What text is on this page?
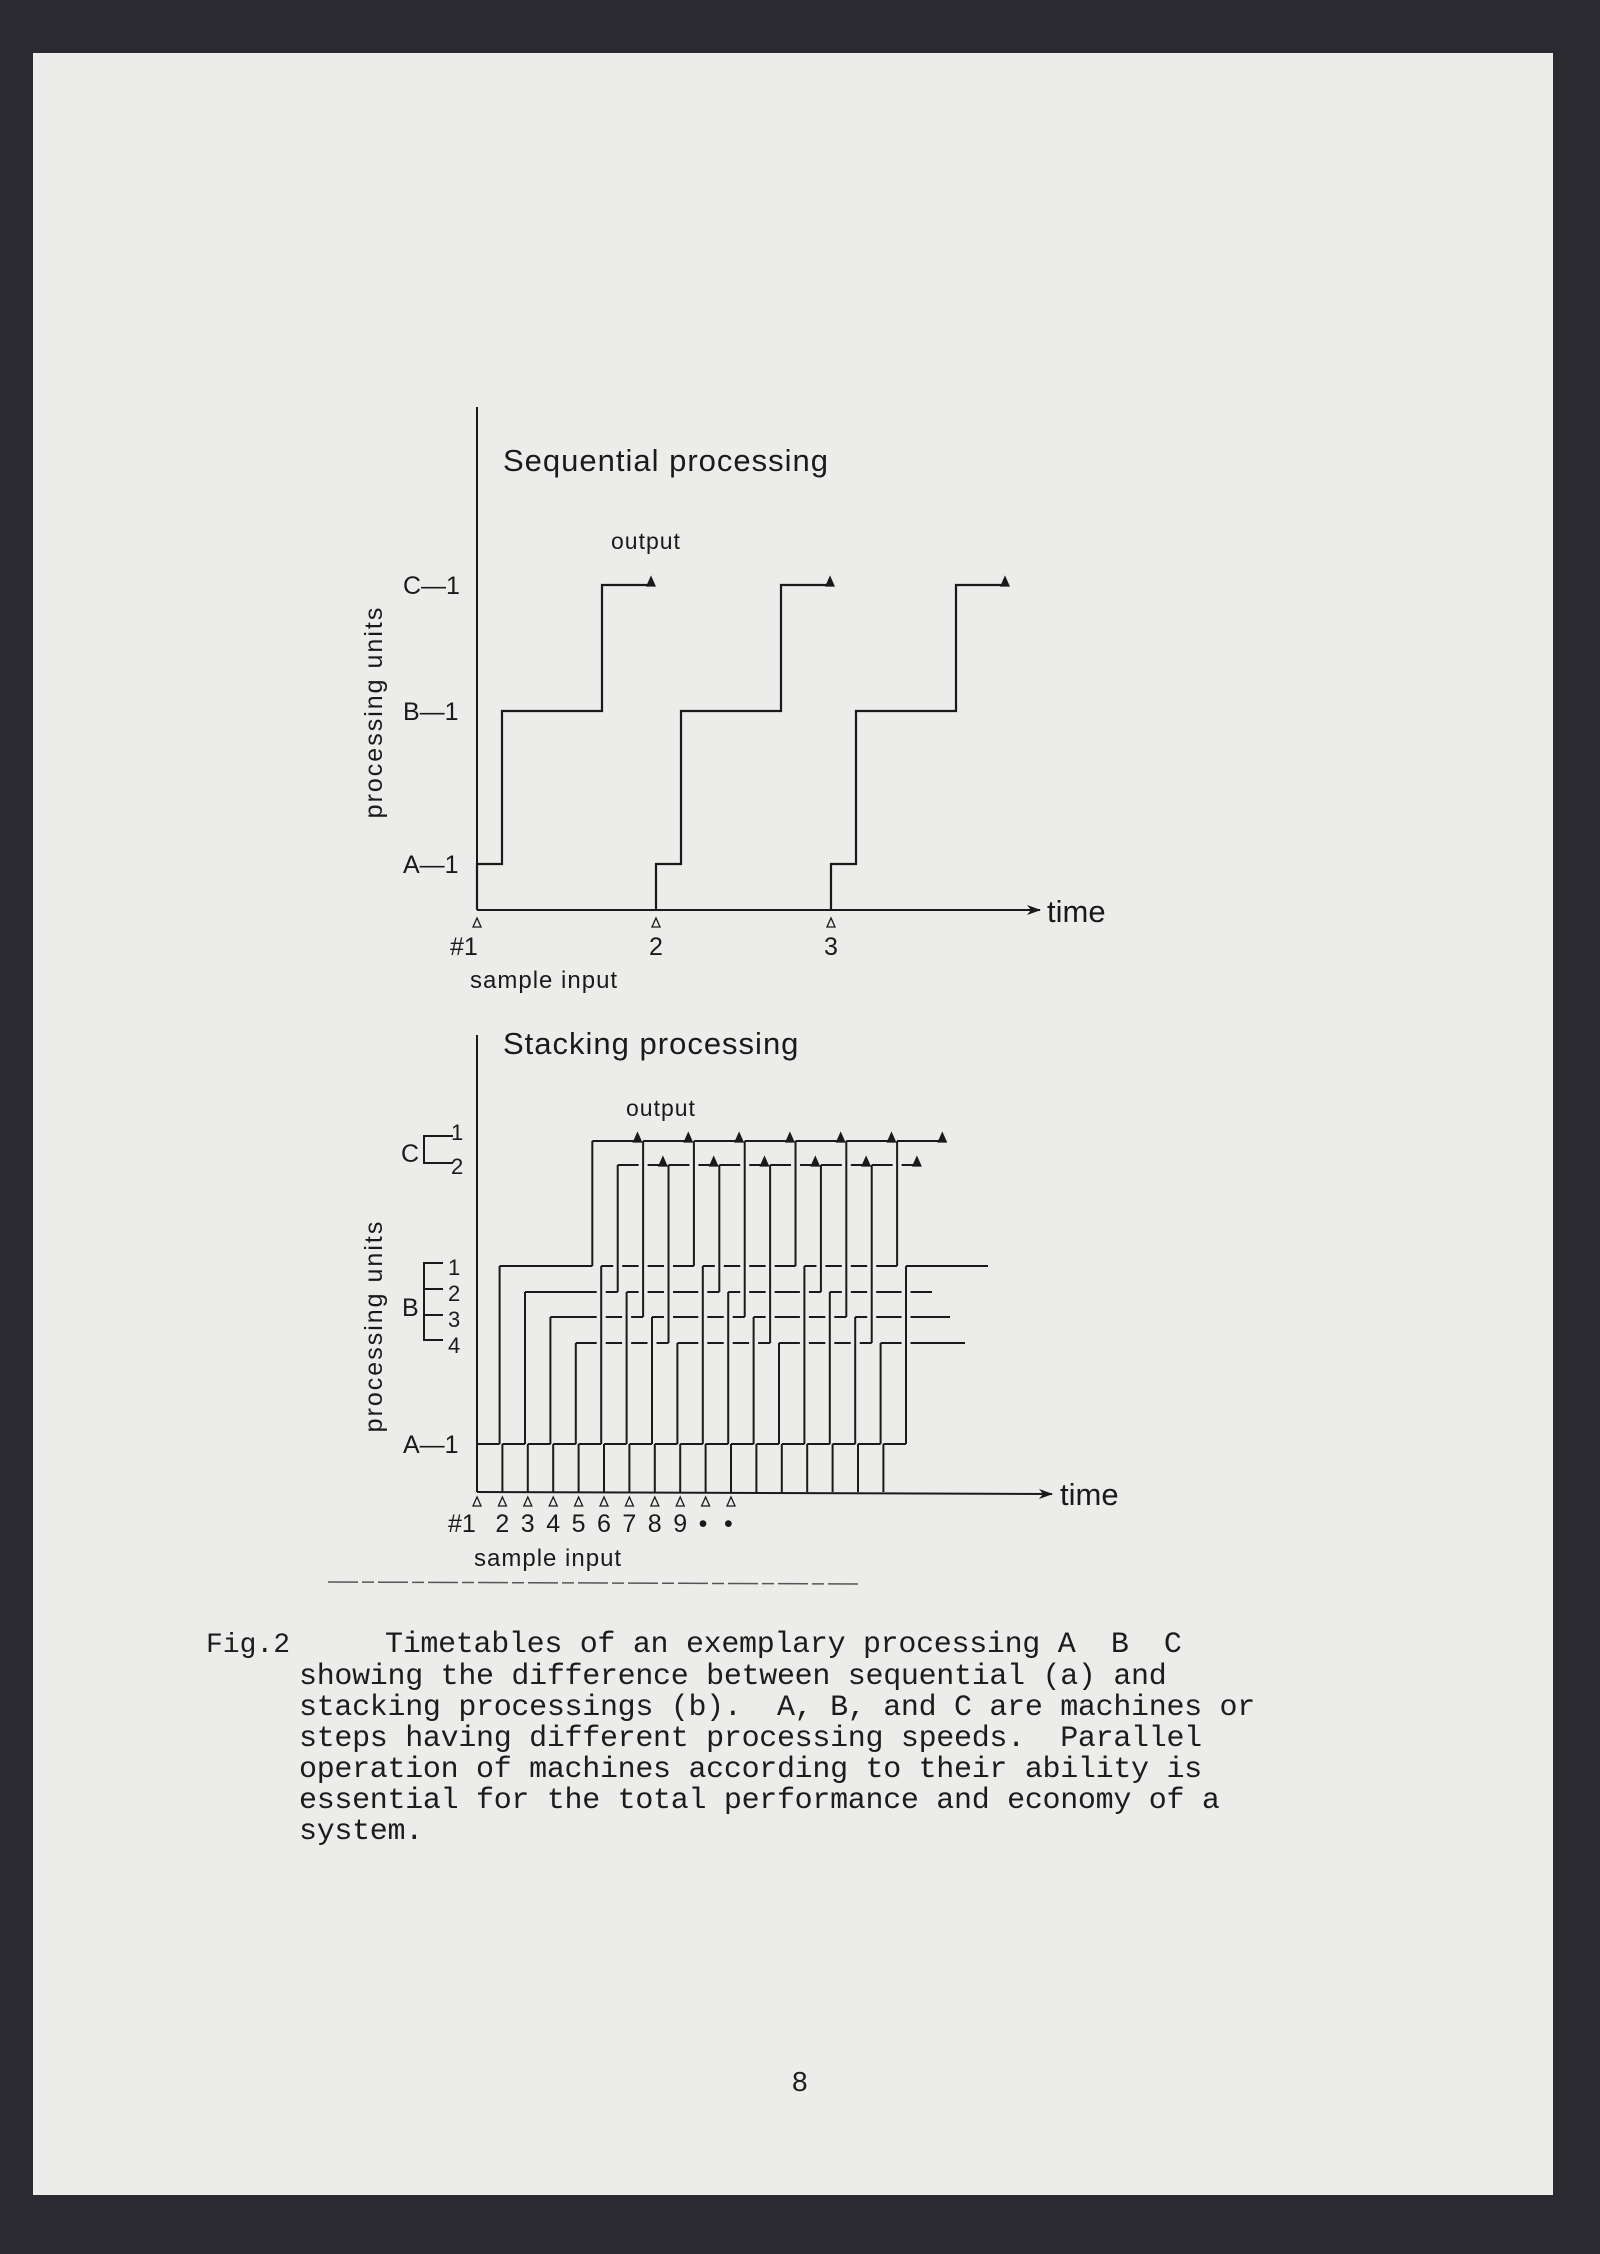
time
Sequential processing
output
processing units
A—1
B—1
C—1
#1	2	3
sample input
time
Stacking processing
output
processing units
A—1
C
1
2
B
1
2
3
4
#1 2 3 4 5 6 7 8 9 • •
sample input
Fig.2	Timetables of an exemplary processing A  B  C
showing the difference between sequential (a) and
stacking processings (b).  A, B, and C are machines or
steps having different processing speeds.  Parallel
operation of machines according to their ability is
essential for the total performance and economy of a
system.
8
